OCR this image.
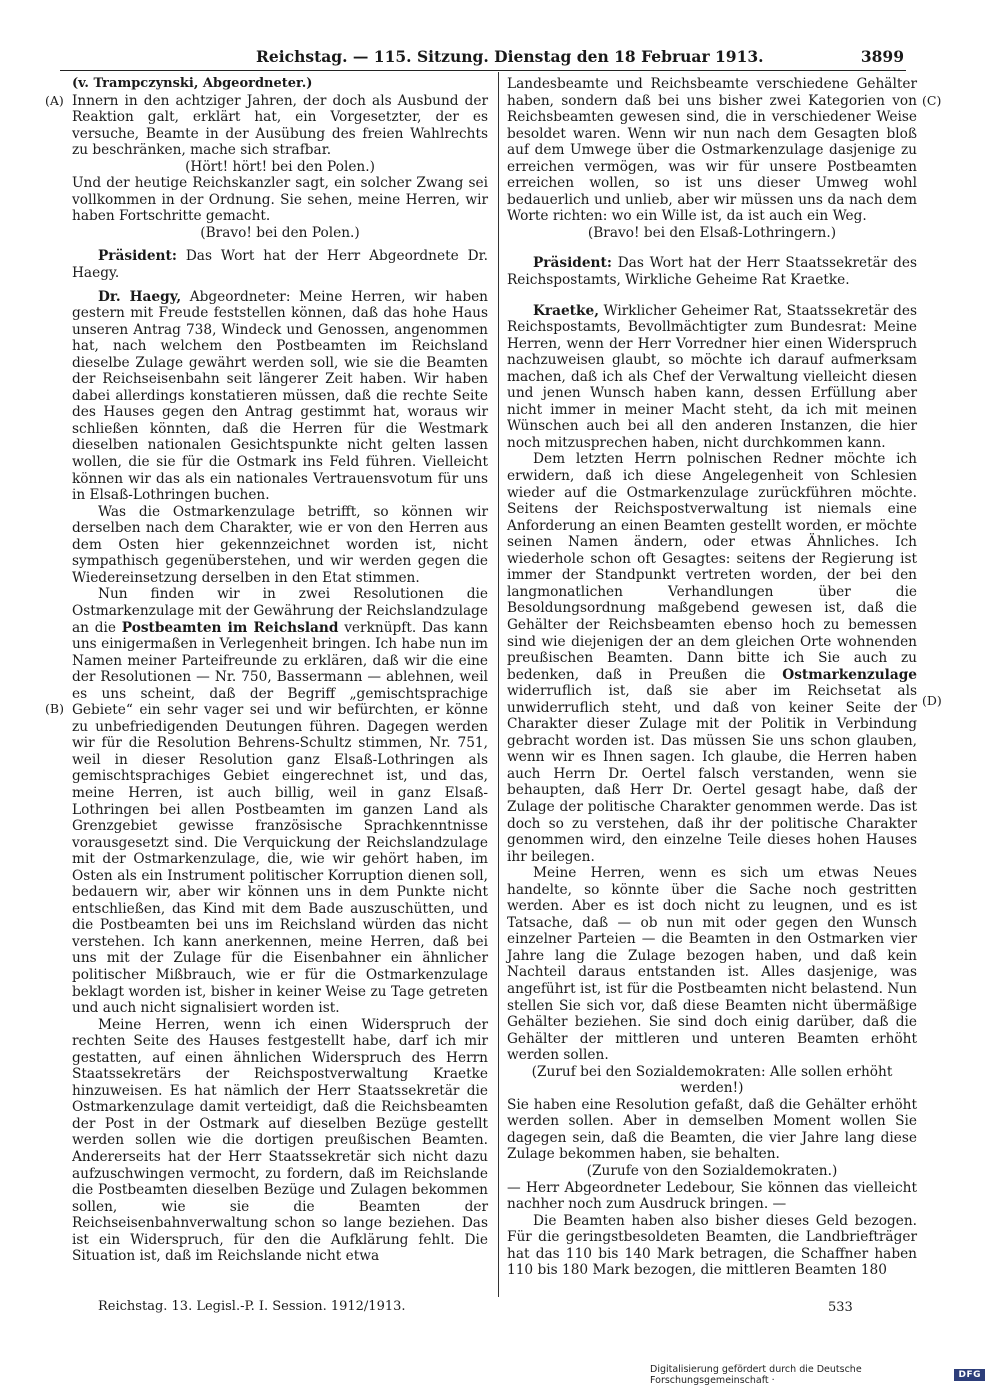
Reichstag. — 115. Sitzung. Dienstag den 18 Februar 1913.	3899
(A)
(B)
(C)
(D)

(v. Trampczynski, Abgeordneter.)

Innern in den achtziger Jahren, der doch als Ausbund der Reaktion galt, erklärt hat, ein Vorgesetzter, der es versuche, Beamte in der Ausübung des freien Wahlrechts zu beschränken, mache sich strafbar.

(Hört! hört! bei den Polen.)

Und der heutige Reichskanzler sagt, ein solcher Zwang sei vollkommen in der Ordnung. Sie sehen, meine Herren, wir haben Fortschritte gemacht.

(Bravo! bei den Polen.)

Präsident: Das Wort hat der Herr Abgeordnete Dr. Haegy.

Dr. Haegy, Abgeordneter: Meine Herren, wir haben gestern mit Freude feststellen können, daß das hohe Haus unseren Antrag 738, Windeck und Genossen, angenommen hat, nach welchem den Postbeamten im Reichsland dieselbe Zulage gewährt werden soll, wie sie die Beamten der Reichseisenbahn seit längerer Zeit haben. Wir haben dabei allerdings konstatieren müssen, daß die rechte Seite des Hauses gegen den Antrag gestimmt hat, woraus wir schließen könnten, daß die Herren für die Westmark dieselben nationalen Gesichtspunkte nicht gelten lassen wollen, die sie für die Ostmark ins Feld führen. Vielleicht können wir das als ein nationales Vertrauensvotum für uns in Elsaß-Lothringen buchen.

Was die Ostmarkenzulage betrifft, so können wir derselben nach dem Charakter, wie er von den Herren aus dem Osten hier gekennzeichnet worden ist, nicht sympathisch gegenüberstehen, und wir werden gegen die Wiedereinsetzung derselben in den Etat stimmen.

Nun finden wir in zwei Resolutionen die Ostmarkenzulage mit der Gewährung der Reichslandzulage an die Postbeamten im Reichsland verknüpft. Das kann uns einigermaßen in Verlegenheit bringen. Ich habe nun im Namen meiner Parteifreunde zu erklären, daß wir die eine der Resolutionen — Nr. 750, Bassermann — ablehnen, weil es uns scheint, daß der Begriff „gemischtsprachige Gebiete“ ein sehr vager sei und wir befürchten, er könne zu unbefriedigenden Deutungen führen. Dagegen werden wir für die Resolution Behrens-Schultz stimmen, Nr. 751, weil in dieser Resolution ganz Elsaß-Lothringen als gemischtsprachiges Gebiet eingerechnet ist, und das, meine Herren, ist auch billig, weil in ganz Elsaß-Lothringen bei allen Postbeamten im ganzen Land als Grenzgebiet gewisse französische Sprachkenntnisse vorausgesetzt sind. Die Verquickung der Reichslandzulage mit der Ostmarkenzulage, die, wie wir gehört haben, im Osten als ein Instrument politischer Korruption dienen soll, bedauern wir, aber wir können uns in dem Punkte nicht entschließen, das Kind mit dem Bade auszuschütten, und die Postbeamten bei uns im Reichsland würden das nicht verstehen. Ich kann anerkennen, meine Herren, daß bei uns mit der Zulage für die Eisenbahner ein ähnlicher politischer Mißbrauch, wie er für die Ostmarkenzulage beklagt worden ist, bisher in keiner Weise zu Tage getreten und auch nicht signalisiert worden ist.

Meine Herren, wenn ich einen Widerspruch der rechten Seite des Hauses festgestellt habe, darf ich mir gestatten, auf einen ähnlichen Widerspruch des Herrn Staatssekretärs der Reichspostverwaltung Kraetke hinzuweisen. Es hat nämlich der Herr Staatssekretär die Ostmarkenzulage damit verteidigt, daß die Reichsbeamten der Post in der Ostmark auf dieselben Bezüge gestellt werden sollen wie die dortigen preußischen Beamten. Andererseits hat der Herr Staatssekretär sich nicht dazu aufzuschwingen vermocht, zu fordern, daß im Reichslande die Postbeamten dieselben Bezüge und Zulagen bekommen sollen, wie sie die Beamten der Reichseisenbahnverwaltung schon so lange beziehen. Das ist ein Widerspruch, für den die Aufklärung fehlt. Die Situation ist, daß im Reichslande nicht etwa

Landesbeamte und Reichsbeamte verschiedene Gehälter haben, sondern daß bei uns bisher zwei Kategorien von Reichsbeamten gewesen sind, die in verschiedener Weise besoldet waren. Wenn wir nun nach dem Gesagten bloß auf dem Umwege über die Ostmarkenzulage dasjenige zu erreichen vermögen, was wir für unsere Postbeamten erreichen wollen, so ist uns dieser Umweg wohl bedauerlich und unlieb, aber wir müssen uns da nach dem Worte richten: wo ein Wille ist, da ist auch ein Weg.

(Bravo! bei den Elsaß-Lothringern.)

Präsident: Das Wort hat der Herr Staatssekretär des Reichspostamts, Wirkliche Geheime Rat Kraetke.

Kraetke, Wirklicher Geheimer Rat, Staatssekretär des Reichspostamts, Bevollmächtigter zum Bundesrat: Meine Herren, wenn der Herr Vorredner hier einen Widerspruch nachzuweisen glaubt, so möchte ich darauf aufmerksam machen, daß ich als Chef der Verwaltung vielleicht diesen und jenen Wunsch haben kann, dessen Erfüllung aber nicht immer in meiner Macht steht, da ich mit meinen Wünschen auch bei all den anderen Instanzen, die hier noch mitzusprechen haben, nicht durchkommen kann.

Dem letzten Herrn polnischen Redner möchte ich erwidern, daß ich diese Angelegenheit von Schlesien wieder auf die Ostmarkenzulage zurückführen möchte. Seitens der Reichspostverwaltung ist niemals eine Anforderung an einen Beamten gestellt worden, er möchte seinen Namen ändern, oder etwas Ähnliches. Ich wiederhole schon oft Gesagtes: seitens der Regierung ist immer der Standpunkt vertreten worden, der bei den langmonatlichen Verhandlungen über die Besoldungsordnung maßgebend gewesen ist, daß die Gehälter der Reichsbeamten ebenso hoch zu bemessen sind wie diejenigen der an dem gleichen Orte wohnenden preußischen Beamten. Dann bitte ich Sie auch zu bedenken, daß in Preußen die Ostmarkenzulage widerruflich ist, daß sie aber im Reichsetat als unwiderruflich steht, und daß von keiner Seite der Charakter dieser Zulage mit der Politik in Verbindung gebracht worden ist. Das müssen Sie uns schon glauben, wenn wir es Ihnen sagen. Ich glaube, die Herren haben auch Herrn Dr. Oertel falsch verstanden, wenn sie behaupten, daß Herr Dr. Oertel gesagt habe, daß der Zulage der politische Charakter genommen werde. Das ist doch so zu verstehen, daß ihr der politische Charakter genommen wird, den einzelne Teile dieses hohen Hauses ihr beilegen.

Meine Herren, wenn es sich um etwas Neues handelte, so könnte über die Sache noch gestritten werden. Aber es ist doch nicht zu leugnen, und es ist Tatsache, daß — ob nun mit oder gegen den Wunsch einzelner Parteien — die Beamten in den Ostmarken vier Jahre lang die Zulage bezogen haben, und daß kein Nachteil daraus entstanden ist. Alles dasjenige, was angeführt ist, ist für die Postbeamten nicht belastend. Nun stellen Sie sich vor, daß diese Beamten nicht übermäßige Gehälter beziehen. Sie sind doch einig darüber, daß die Gehälter der mittleren und unteren Beamten erhöht werden sollen.

(Zuruf bei den Sozialdemokraten: Alle sollen erhöht werden!)

Sie haben eine Resolution gefaßt, daß die Gehälter erhöht werden sollen. Aber in demselben Moment wollen Sie dagegen sein, daß die Beamten, die vier Jahre lang diese Zulage bekommen haben, sie behalten.

(Zurufe von den Sozialdemokraten.)

— Herr Abgeordneter Ledebour, Sie können das vielleicht nachher noch zum Ausdruck bringen. —

Die Beamten haben also bisher dieses Geld bezogen. Für die geringstbesoldeten Beamten, die Landbriefträger hat das 110 bis 140 Mark betragen, die Schaffner haben 110 bis 180 Mark bezogen, die mittleren Beamten 180

Reichstag. 13. Legisl.-P. I. Session. 1912/1913.	533
Digitalisierung gefördert durch die Deutsche Forschungsgemeinschaft ·	DFG
